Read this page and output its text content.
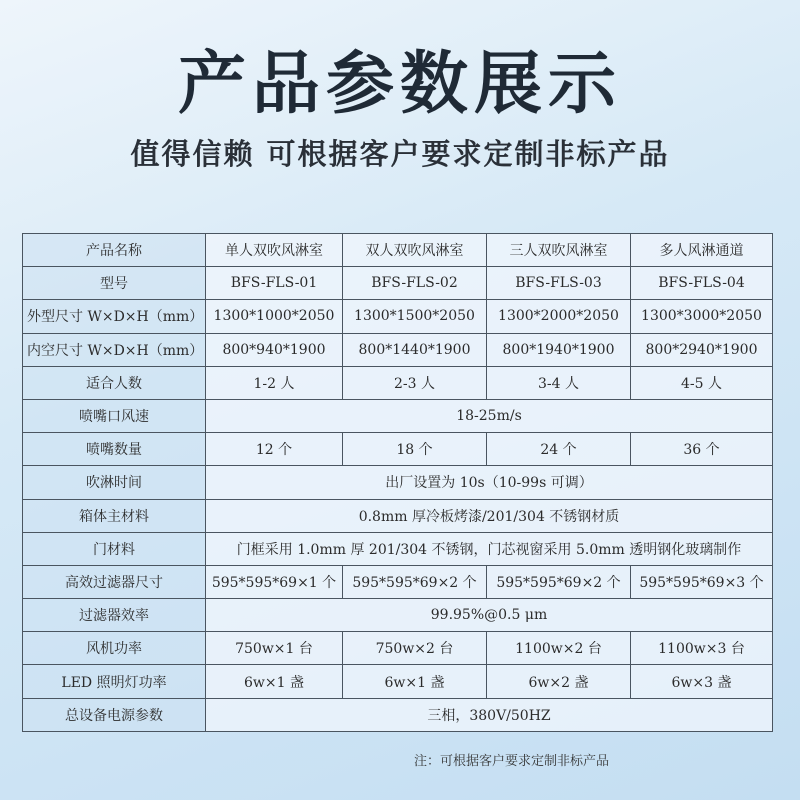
产品参数展示
值得信赖 可根据客户要求定制非标产品
产品名称	单人双吹风淋室	双人双吹风淋室	三人双吹风淋室	多人风淋通道
型号	BFS-FLS-01	BFS-FLS-02	BFS-FLS-03	BFS-FLS-04
外型尺寸 W×D×H（mm）	1300*1000*2050	1300*1500*2050	1300*2000*2050	1300*3000*2050
内空尺寸 W×D×H（mm）	800*940*1900	800*1440*1900	800*1940*1900	800*2940*1900
适合人数	1-2 人	2-3 人	3-4 人	4-5 人
喷嘴口风速	18-25m/s			
喷嘴数量	12 个	18 个	24 个	36 个
吹淋时间	出厂设置为 10s（10-99s 可调）			
箱体主材料	0.8mm 厚冷板烤漆/201/304 不锈钢材质			
门材料	门框采用 1.0mm 厚 201/304 不锈钢，门芯视窗采用 5.0mm 透明钢化玻璃制作			
高效过滤器尺寸	595*595*69×1 个	595*595*69×2 个	595*595*69×2 个	595*595*69×3 个
过滤器效率	99.95%@0.5 μm			
风机功率	750w×1 台	750w×2 台	1100w×2 台	1100w×3 台
LED 照明灯功率	6w×1 盏	6w×1 盏	6w×2 盏	6w×3 盏
总设备电源参数	三相，380V/50HZ			
注：可根据客户要求定制非标产品
